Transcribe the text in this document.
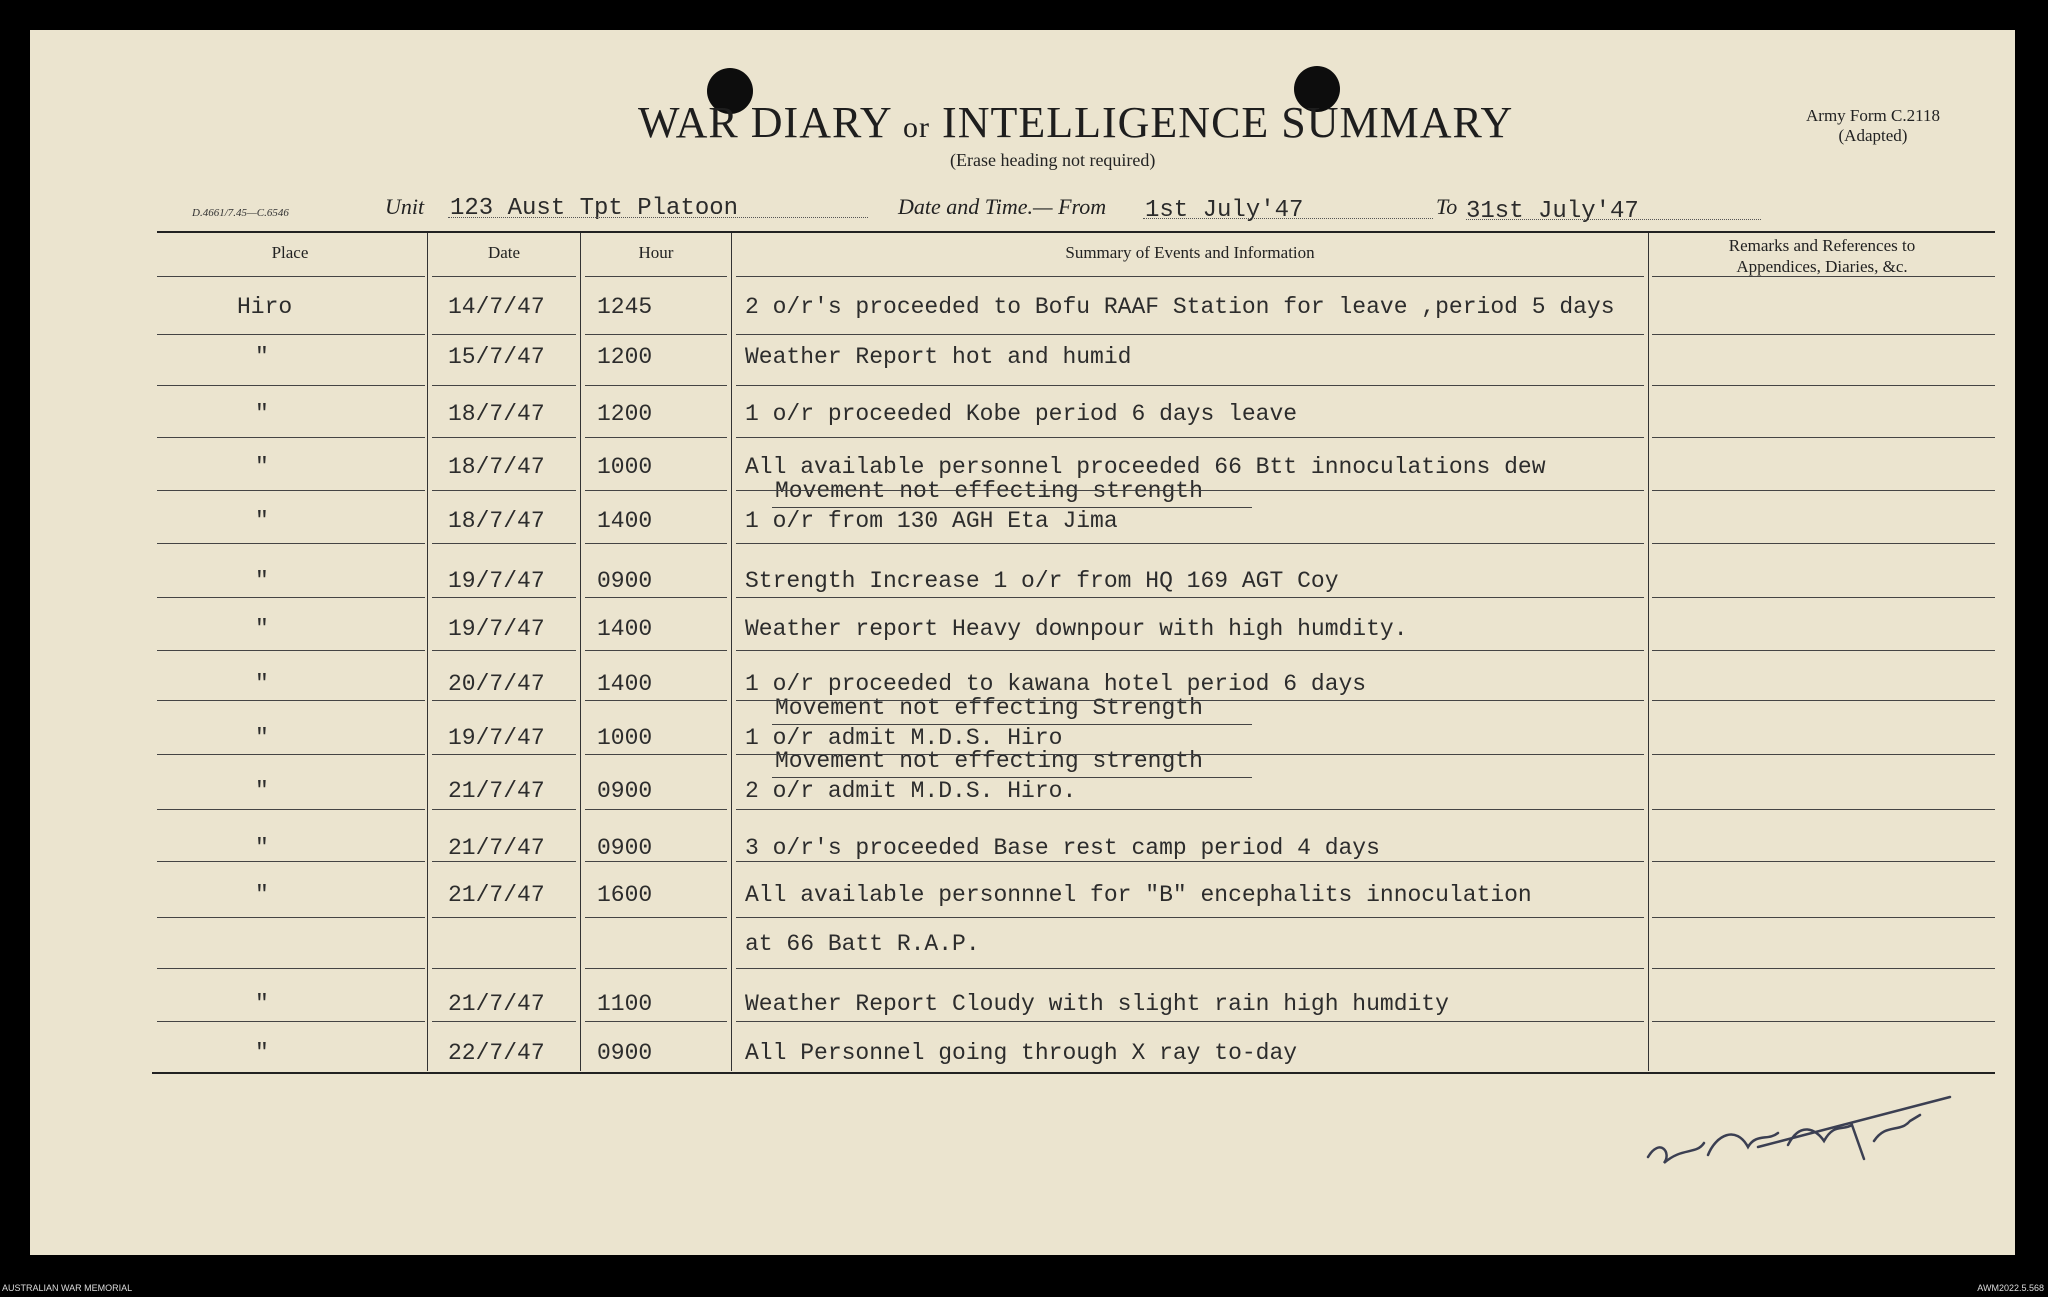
WAR DIARY or INTELLIGENCE SUMMARY
(Erase heading not required)
Army Form C.2118
(Adapted)
D.4661/7.45—C.6546	Unit 123 Aust Tpt Platoon	Date and Time.— From 1st July'47	To 31st July'47
Place	Date	Hour	Summary of Events and Information	Remarks and References to
Appendices, Diaries, &c.
Hiro	14/7/47 1245	2 o/r's proceeded to Bofu RAAF Station for leave ,period 5 days
"	15/7/47 1200	Weather Report hot and humid
"	18/7/47 1200	1 o/r proceeded Kobe period 6 days leave
"	18/7/47 1000	All available personnel proceeded 66 Btt innoculations dew
"	18/7/47 1400	1 o/r from 130 AGH Eta Jima
Movement not effecting strength
"	19/7/47 0900	Strength Increase 1 o/r from HQ 169 AGT Coy
"	19/7/47 1400	Weather report Heavy downpour with high humdity.
"	20/7/47 1400	1 o/r proceeded to kawana hotel period 6 days
"	19/7/47 1000	1 o/r admit M.D.S. Hiro
Movement not effecting Strength
"	21/7/47 0900	2 o/r admit M.D.S. Hiro.
Movement not effecting strength
"	21/7/47 0900	3 o/r's proceeded Base rest camp period 4 days
"	21/7/47 1600	All available personnnel for "B" encephalits innoculation
at 66 Batt R.A.P.
"	21/7/47 1100	Weather Report Cloudy with slight rain high humdity
"	22/7/47 0900	All Personnel going through X ray to-day
AUSTRALIAN WAR MEMORIAL	AWM2022.5.568
